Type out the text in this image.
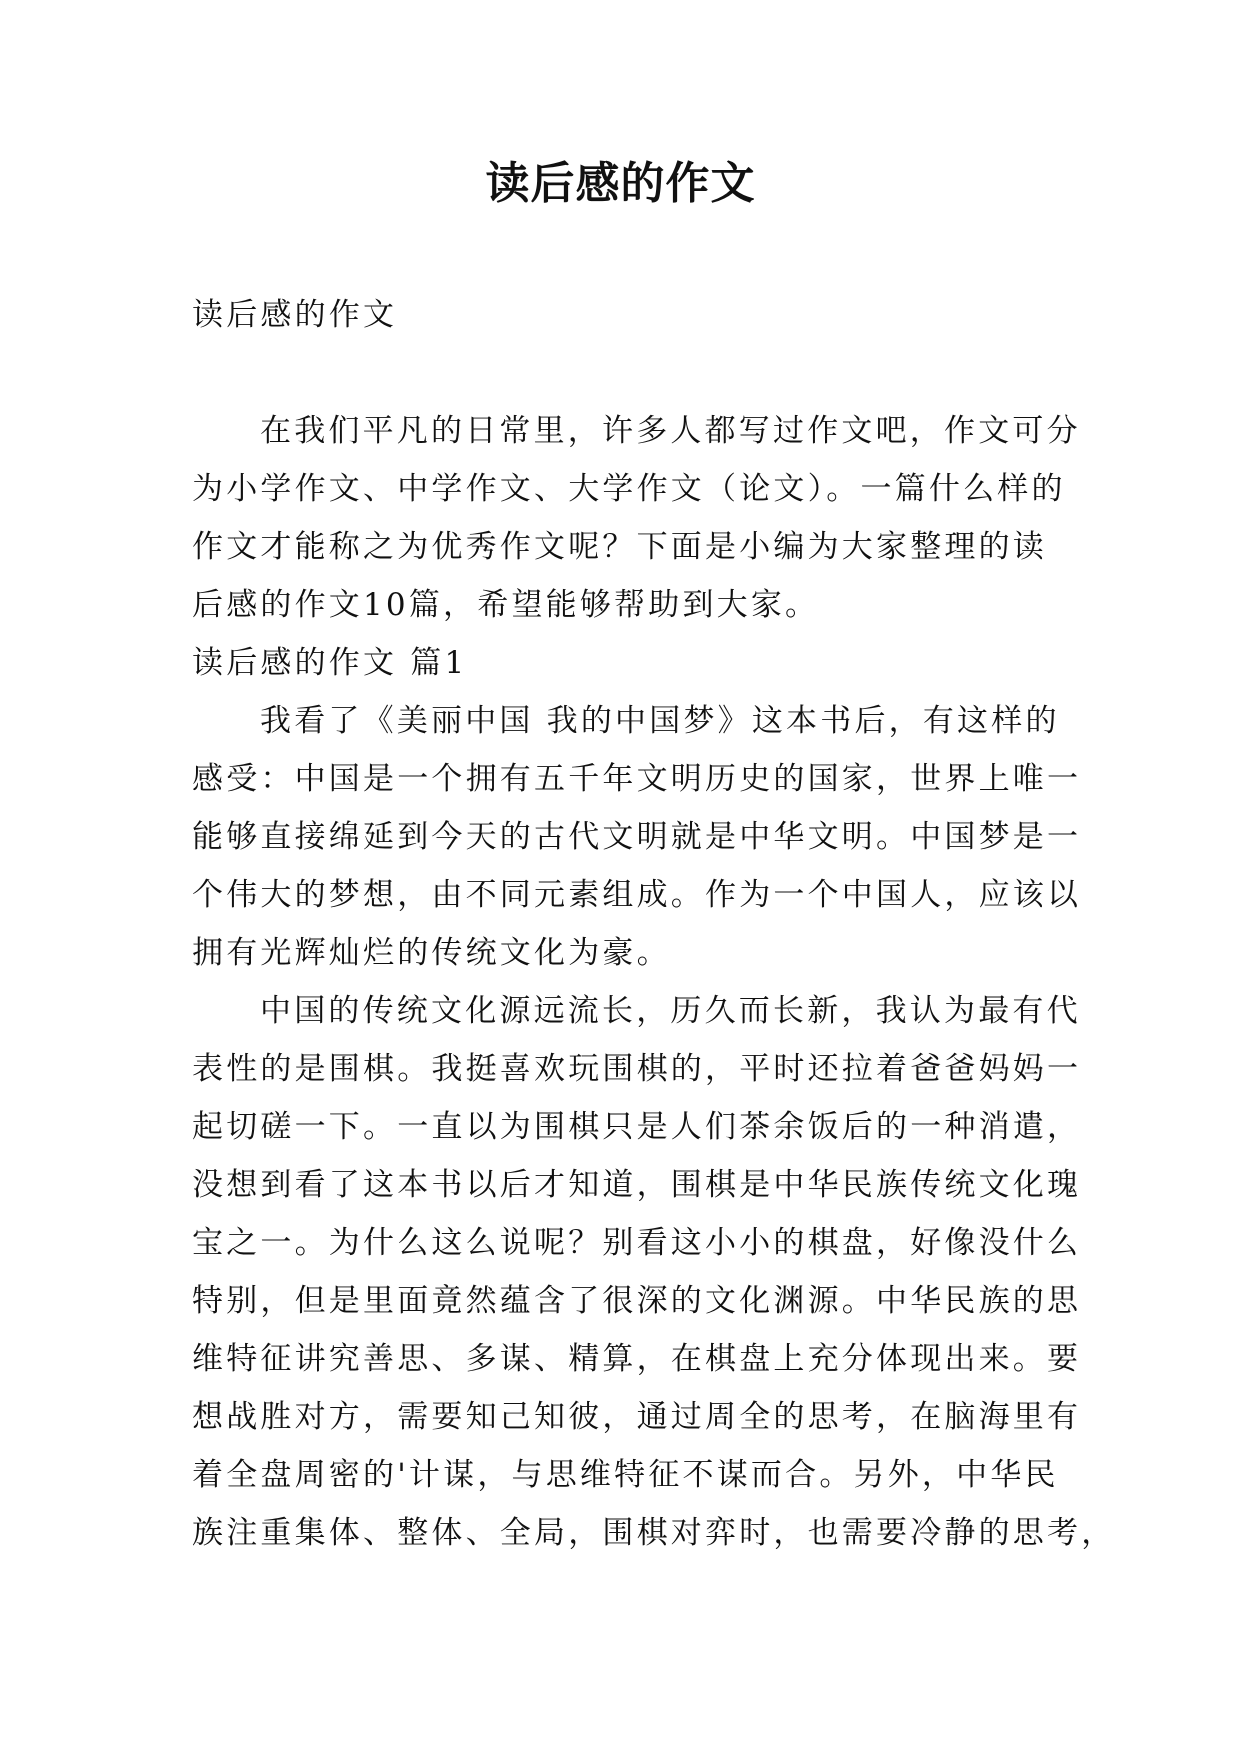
读后感的作文
读后感的作文
在我们平凡的日常里，许多人都写过作文吧，作文可分
为小学作文、中学作文、大学作文（论文）。一篇什么样的
作文才能称之为优秀作文呢？下面是小编为大家整理的读
后感的作文10篇，希望能够帮助到大家。
读后感的作文 篇1
我看了《美丽中国 我的中国梦》这本书后，有这样的
感受：中国是一个拥有五千年文明历史的国家，世界上唯一
能够直接绵延到今天的古代文明就是中华文明。中国梦是一
个伟大的梦想，由不同元素组成。作为一个中国人，应该以
拥有光辉灿烂的传统文化为豪。
中国的传统文化源远流长，历久而长新，我认为最有代
表性的是围棋。我挺喜欢玩围棋的，平时还拉着爸爸妈妈一
起切磋一下。一直以为围棋只是人们茶余饭后的一种消遣，
没想到看了这本书以后才知道，围棋是中华民族传统文化瑰
宝之一。为什么这么说呢？别看这小小的棋盘，好像没什么
特别，但是里面竟然蕴含了很深的文化渊源。中华民族的思
维特征讲究善思、多谋、精算，在棋盘上充分体现出来。要
想战胜对方，需要知己知彼，通过周全的思考，在脑海里有
着全盘周密的'计谋，与思维特征不谋而合。另外，中华民
族注重集体、整体、全局，围棋对弈时，也需要冷静的思考，
